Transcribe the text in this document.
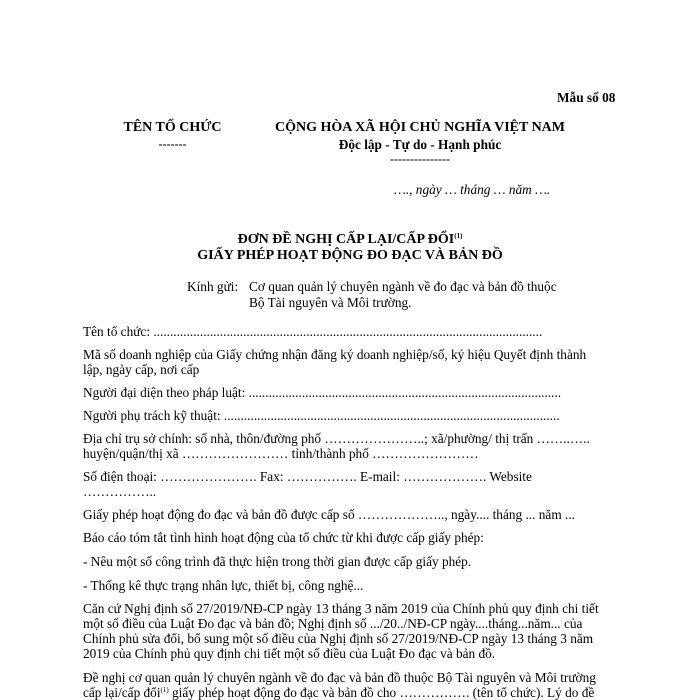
Mẫu số 08
TÊN TỔ CHỨC
-------
CỘNG HÒA XÃ HỘI CHỦ NGHĨA VIỆT NAM
Độc lập - Tự do - Hạnh phúc
---------------
…., ngày … tháng … năm ….
ĐƠN ĐỀ NGHỊ CẤP LẠI/CẤP ĐỔI$^{(1)}$
GIẤY PHÉP HOẠT ĐỘNG ĐO ĐẠC VÀ BẢN ĐỒ
Kính gửi: Cơ quan quản lý chuyên ngành về đo đạc và bản đồ thuộc
Bộ Tài nguyên và Môi trường.
Tên tổ chức: .....................................................................................................................
Mã số doanh nghiệp của Giấy chứng nhận đăng ký doanh nghiệp/số, ký hiệu Quyết định thành
lập, ngày cấp, nơi cấp
Người đại diện theo pháp luật: ..............................................................................................
Người phụ trách kỹ thuật: .....................................................................................................
Địa chỉ trụ sở chính: số nhà, thôn/đường phố …………………..; xã/phường/ thị trấn ……..…..
huyện/quận/thị xã …………………… tỉnh/thành phố ……………………
Số điện thoại: …………………. Fax: ……………. E-mail: ………………. Website
……………..
Giấy phép hoạt động đo đạc và bản đồ được cấp số ……………….., ngày.... tháng ... năm ...
Báo cáo tóm tắt tình hình hoạt động của tổ chức từ khi được cấp giấy phép:
- Nêu một số công trình đã thực hiện trong thời gian được cấp giấy phép.
- Thống kê thực trạng nhân lực, thiết bị, công nghệ...
Căn cứ Nghị định số 27/2019/NĐ-CP ngày 13 tháng 3 năm 2019 của Chính phủ quy định chi tiết
một số điều của Luật Đo đạc và bản đồ; Nghị định số .../20../NĐ-CP ngày....tháng...năm... của
Chính phủ sửa đổi, bổ sung một số điều của Nghị định số 27/2019/NĐ-CP ngày 13 tháng 3 năm
2019 của Chính phủ quy định chi tiết một số điều của Luật Đo đạc và bản đồ.
Đề nghị cơ quan quản lý chuyên ngành về đo đạc và bản đồ thuộc Bộ Tài nguyên và Môi trường
cấp lại/cấp đổi$^{(1)}$ giấy phép hoạt động đo đạc và bản đồ cho ……………. (tên tổ chức). Lý do đề
